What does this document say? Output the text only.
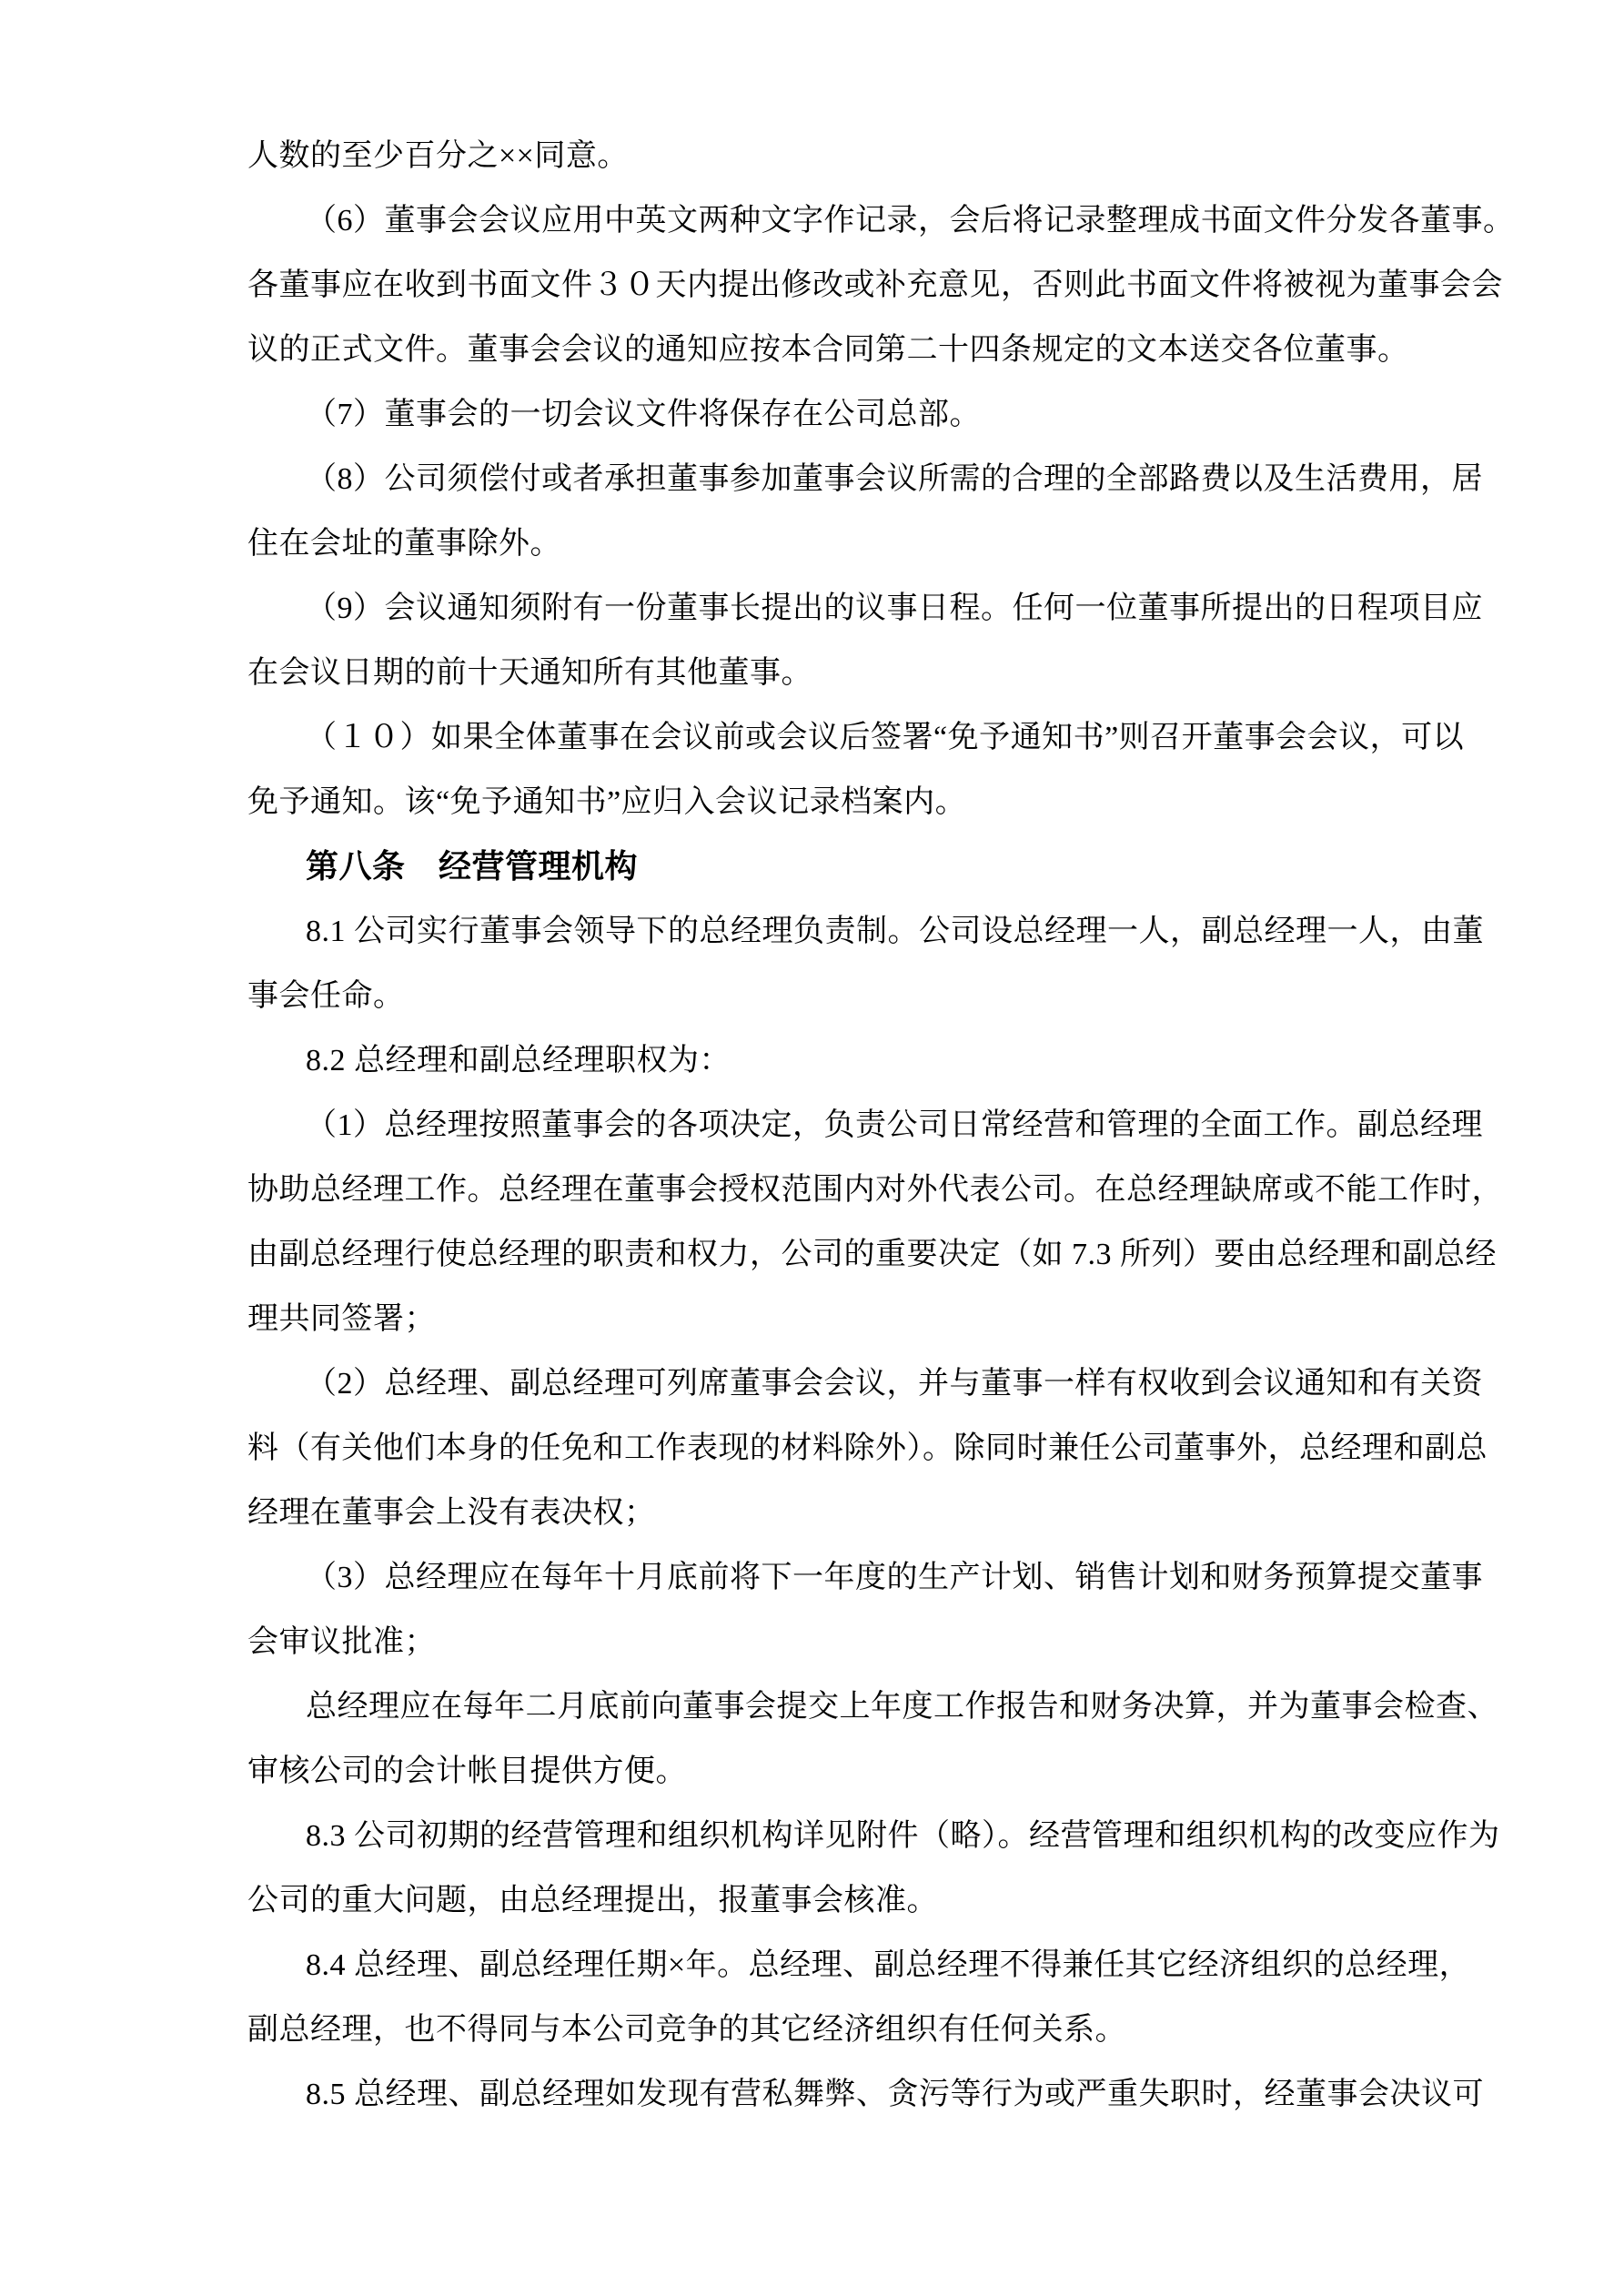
人数的至少百分之××同意。
（6）董事会会议应用中英文两种文字作记录，会后将记录整理成书面文件分发各董事。
各董事应在收到书面文件３０天内提出修改或补充意见，否则此书面文件将被视为董事会会
议的正式文件。董事会会议的通知应按本合同第二十四条规定的文本送交各位董事。
（7）董事会的一切会议文件将保存在公司总部。
（8）公司须偿付或者承担董事参加董事会议所需的合理的全部路费以及生活费用，居
住在会址的董事除外。
（9）会议通知须附有一份董事长提出的议事日程。任何一位董事所提出的日程项目应
在会议日期的前十天通知所有其他董事。
（１０）如果全体董事在会议前或会议后签署“免予通知书”则召开董事会会议，可以
免予通知。该“免予通知书”应归入会议记录档案内。
第八条　经营管理机构
8.1 公司实行董事会领导下的总经理负责制。公司设总经理一人，副总经理一人，由董
事会任命。
8.2 总经理和副总经理职权为：
（1）总经理按照董事会的各项决定，负责公司日常经营和管理的全面工作。副总经理
协助总经理工作。总经理在董事会授权范围内对外代表公司。在总经理缺席或不能工作时，
由副总经理行使总经理的职责和权力，公司的重要决定（如 7.3 所列）要由总经理和副总经
理共同签署；
（2）总经理、副总经理可列席董事会会议，并与董事一样有权收到会议通知和有关资
料（有关他们本身的任免和工作表现的材料除外）。除同时兼任公司董事外，总经理和副总
经理在董事会上没有表决权；
（3）总经理应在每年十月底前将下一年度的生产计划、销售计划和财务预算提交董事
会审议批准；
总经理应在每年二月底前向董事会提交上年度工作报告和财务决算，并为董事会检查、
审核公司的会计帐目提供方便。
8.3 公司初期的经营管理和组织机构详见附件（略）。经营管理和组织机构的改变应作为
公司的重大问题，由总经理提出，报董事会核准。
8.4 总经理、副总经理任期×年。总经理、副总经理不得兼任其它经济组织的总经理，
副总经理，也不得同与本公司竞争的其它经济组织有任何关系。
8.5 总经理、副总经理如发现有营私舞弊、贪污等行为或严重失职时，经董事会决议可
